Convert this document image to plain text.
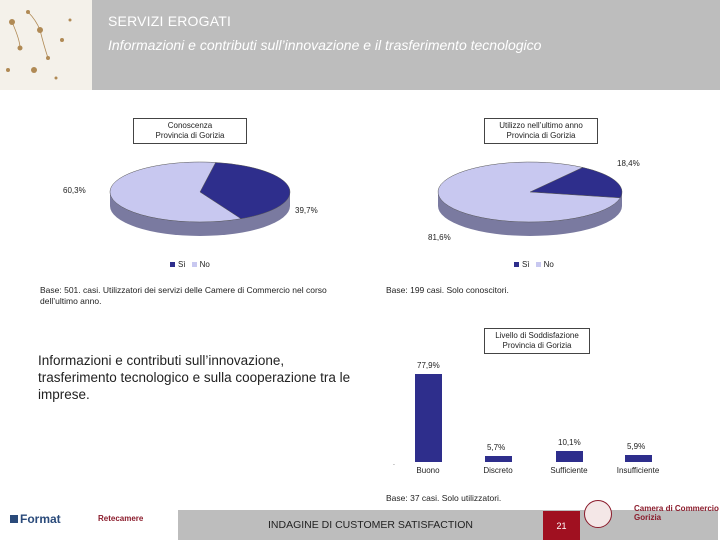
SERVIZI EROGATI
Informazioni e contributi sull’innovazione e il trasferimento tecnologico
Conoscenza
Provincia di Gorizia
60,3%
39,7%
Sì No
Base: 501. casi. Utilizzatori dei servizi delle Camere di Commercio nel corso dell’ultimo anno.
Utilizzo nell’ultimo anno
Provincia di Gorizia
18,4%
81,6%
Sì No
Base: 199 casi. Solo conoscitori.
Livello di Soddisfazione
Provincia di Gorizia
.
77,9%
Buono
5,7%
Discreto
10,1%
Sufficiente
5,9%
Insufficiente
Base: 37 casi. Solo utilizzatori.
Informazioni e contributi sull’innovazione, trasferimento tecnologico e sulla cooperazione tra le imprese.
Format	Retecamere
INDAGINE DI CUSTOMER SATISFACTION	21
Camera di Commercio
Gorizia
